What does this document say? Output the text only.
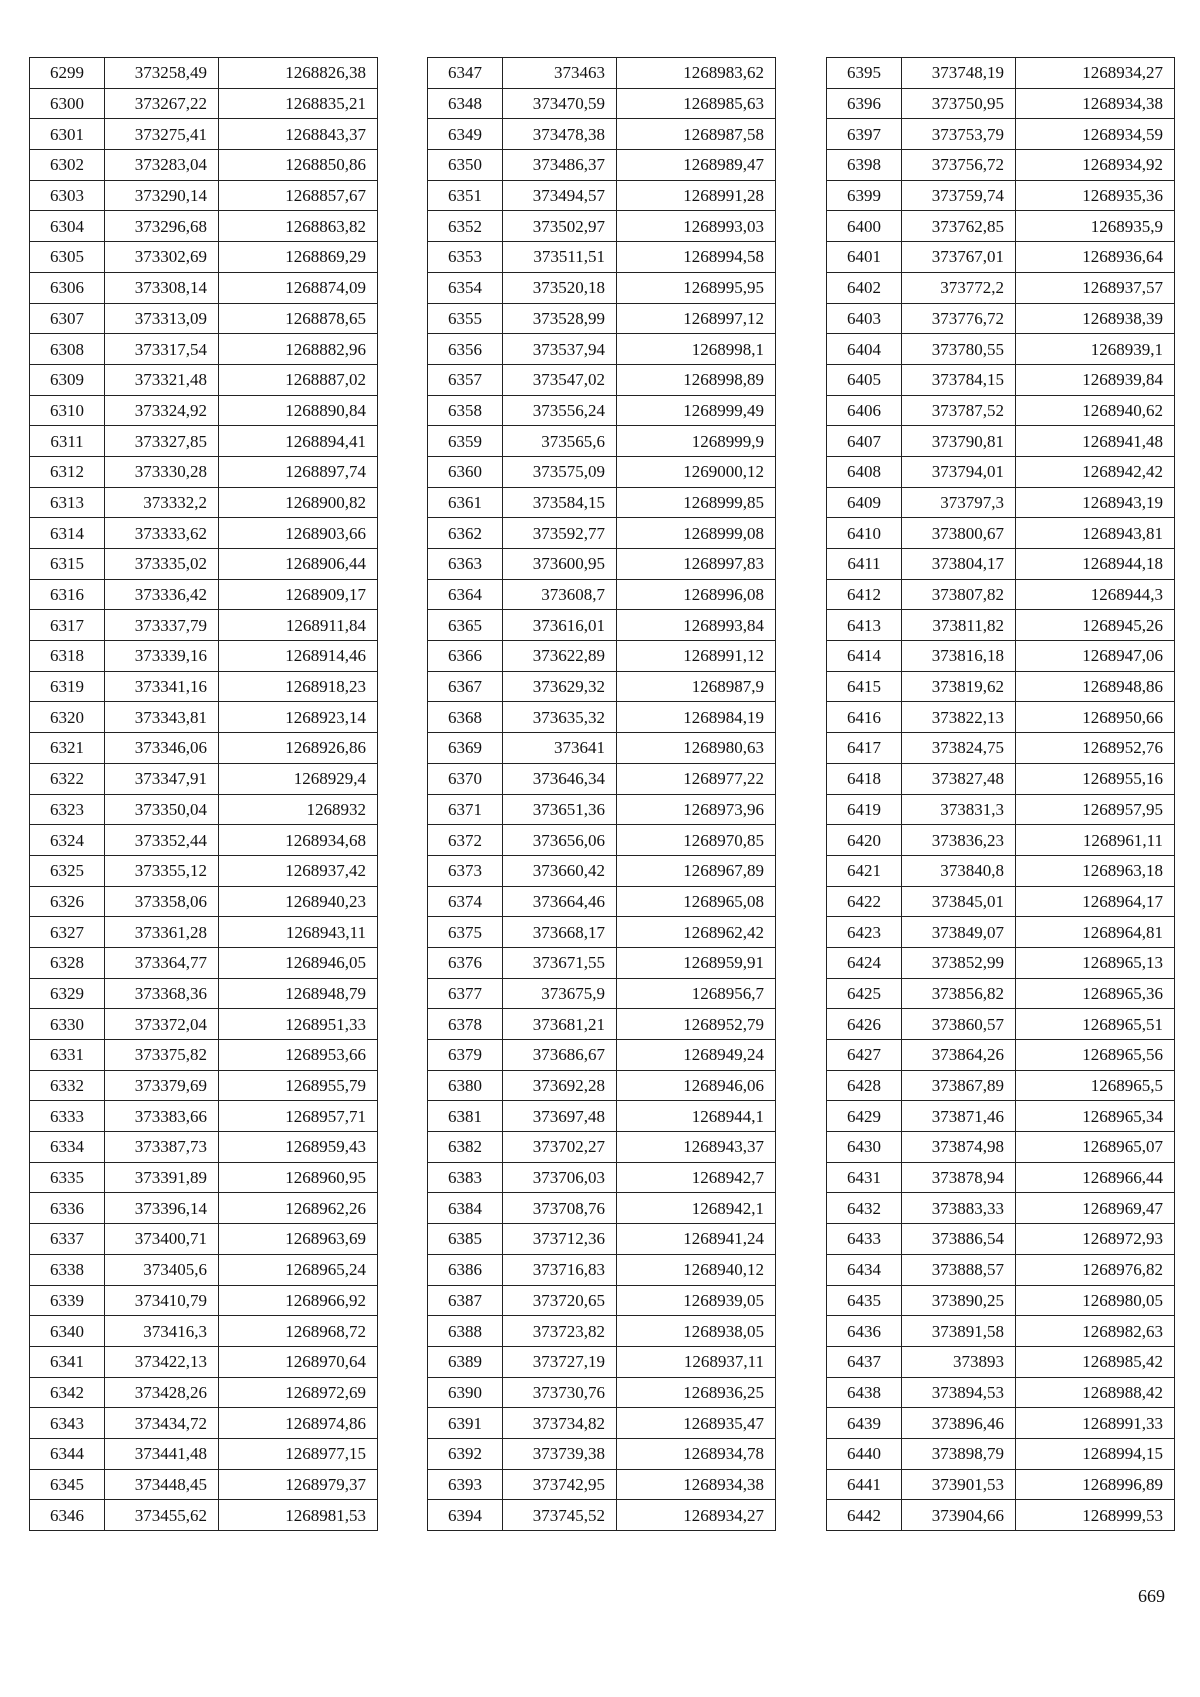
6299	373258,49	1268826,38
6300	373267,22	1268835,21
6301	373275,41	1268843,37
6302	373283,04	1268850,86
6303	373290,14	1268857,67
6304	373296,68	1268863,82
6305	373302,69	1268869,29
6306	373308,14	1268874,09
6307	373313,09	1268878,65
6308	373317,54	1268882,96
6309	373321,48	1268887,02
6310	373324,92	1268890,84
6311	373327,85	1268894,41
6312	373330,28	1268897,74
6313	373332,2	1268900,82
6314	373333,62	1268903,66
6315	373335,02	1268906,44
6316	373336,42	1268909,17
6317	373337,79	1268911,84
6318	373339,16	1268914,46
6319	373341,16	1268918,23
6320	373343,81	1268923,14
6321	373346,06	1268926,86
6322	373347,91	1268929,4
6323	373350,04	1268932
6324	373352,44	1268934,68
6325	373355,12	1268937,42
6326	373358,06	1268940,23
6327	373361,28	1268943,11
6328	373364,77	1268946,05
6329	373368,36	1268948,79
6330	373372,04	1268951,33
6331	373375,82	1268953,66
6332	373379,69	1268955,79
6333	373383,66	1268957,71
6334	373387,73	1268959,43
6335	373391,89	1268960,95
6336	373396,14	1268962,26
6337	373400,71	1268963,69
6338	373405,6	1268965,24
6339	373410,79	1268966,92
6340	373416,3	1268968,72
6341	373422,13	1268970,64
6342	373428,26	1268972,69
6343	373434,72	1268974,86
6344	373441,48	1268977,15
6345	373448,45	1268979,37
6346	373455,62	1268981,53
6347	373463	1268983,62
6348	373470,59	1268985,63
6349	373478,38	1268987,58
6350	373486,37	1268989,47
6351	373494,57	1268991,28
6352	373502,97	1268993,03
6353	373511,51	1268994,58
6354	373520,18	1268995,95
6355	373528,99	1268997,12
6356	373537,94	1268998,1
6357	373547,02	1268998,89
6358	373556,24	1268999,49
6359	373565,6	1268999,9
6360	373575,09	1269000,12
6361	373584,15	1268999,85
6362	373592,77	1268999,08
6363	373600,95	1268997,83
6364	373608,7	1268996,08
6365	373616,01	1268993,84
6366	373622,89	1268991,12
6367	373629,32	1268987,9
6368	373635,32	1268984,19
6369	373641	1268980,63
6370	373646,34	1268977,22
6371	373651,36	1268973,96
6372	373656,06	1268970,85
6373	373660,42	1268967,89
6374	373664,46	1268965,08
6375	373668,17	1268962,42
6376	373671,55	1268959,91
6377	373675,9	1268956,7
6378	373681,21	1268952,79
6379	373686,67	1268949,24
6380	373692,28	1268946,06
6381	373697,48	1268944,1
6382	373702,27	1268943,37
6383	373706,03	1268942,7
6384	373708,76	1268942,1
6385	373712,36	1268941,24
6386	373716,83	1268940,12
6387	373720,65	1268939,05
6388	373723,82	1268938,05
6389	373727,19	1268937,11
6390	373730,76	1268936,25
6391	373734,82	1268935,47
6392	373739,38	1268934,78
6393	373742,95	1268934,38
6394	373745,52	1268934,27
6395	373748,19	1268934,27
6396	373750,95	1268934,38
6397	373753,79	1268934,59
6398	373756,72	1268934,92
6399	373759,74	1268935,36
6400	373762,85	1268935,9
6401	373767,01	1268936,64
6402	373772,2	1268937,57
6403	373776,72	1268938,39
6404	373780,55	1268939,1
6405	373784,15	1268939,84
6406	373787,52	1268940,62
6407	373790,81	1268941,48
6408	373794,01	1268942,42
6409	373797,3	1268943,19
6410	373800,67	1268943,81
6411	373804,17	1268944,18
6412	373807,82	1268944,3
6413	373811,82	1268945,26
6414	373816,18	1268947,06
6415	373819,62	1268948,86
6416	373822,13	1268950,66
6417	373824,75	1268952,76
6418	373827,48	1268955,16
6419	373831,3	1268957,95
6420	373836,23	1268961,11
6421	373840,8	1268963,18
6422	373845,01	1268964,17
6423	373849,07	1268964,81
6424	373852,99	1268965,13
6425	373856,82	1268965,36
6426	373860,57	1268965,51
6427	373864,26	1268965,56
6428	373867,89	1268965,5
6429	373871,46	1268965,34
6430	373874,98	1268965,07
6431	373878,94	1268966,44
6432	373883,33	1268969,47
6433	373886,54	1268972,93
6434	373888,57	1268976,82
6435	373890,25	1268980,05
6436	373891,58	1268982,63
6437	373893	1268985,42
6438	373894,53	1268988,42
6439	373896,46	1268991,33
6440	373898,79	1268994,15
6441	373901,53	1268996,89
6442	373904,66	1268999,53
669
